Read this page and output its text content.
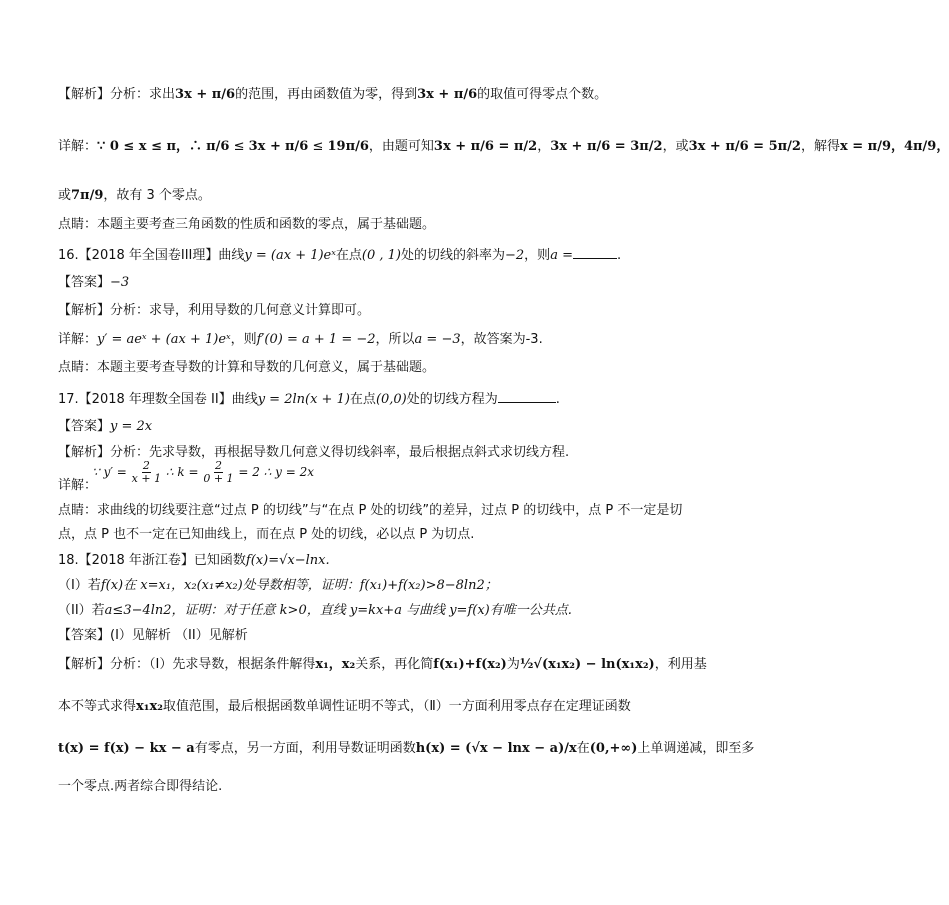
【解析】分析：求出3x + π/6的范围，再由函数值为零，得到3x + π/6的取值可得零点个数。
详解：∵ 0 ≤ x ≤ π，∴ π/6 ≤ 3x + π/6 ≤ 19π/6，由题可知3x + π/6 = π/2，3x + π/6 = 3π/2，或3x + π/6 = 5π/2，解得x = π/9，4π/9，
或7π/9，故有 3 个零点。
点睛：本题主要考查三角函数的性质和函数的零点，属于基础题。
16.【2018 年全国卷III理】曲线y = (ax + 1)eˣ在点(0 , 1)处的切线的斜率为−2，则a =	.
【答案】−3
【解析】分析：求导，利用导数的几何意义计算即可。
详解：y′ = aeˣ + (ax + 1)eˣ，则f′(0) = a + 1 = −2，所以a = −3，故答案为-3.
点睛：本题主要考查导数的计算和导数的几何意义，属于基础题。
17.【2018 年理数全国卷 II】曲线y = 2ln(x + 1)在点(0,0)处的切线方程为	.
【答案】y = 2x
【解析】分析：先求导数，再根据导数几何意义得切线斜率，最后根据点斜式求切线方程.
∵ $y' = \frac{2}{x + 1}$ ∴ $k = \frac{2}{0 + 1} = 2$ ∴ y = 2x
详解：
点睛：求曲线的切线要注意“过点 P 的切线”与“在点 P 处的切线”的差异，过点 P 的切线中，点 P 不一定是切
点，点 P 也不一定在已知曲线上，而在点 P 处的切线，必以点 P 为切点.
18.【2018 年浙江卷】已知函数f(x)=√x−lnx.
（I）若f(x)在 x=x₁，x₂(x₁≠x₂)处导数相等，证明：f(x₁)+f(x₂)>8−8ln2；
（II）若a≤3−4ln2，证明：对于任意 k>0，直线 y=kx+a 与曲线 y=f(x)有唯一公共点.
【答案】(I）见解析 （II）见解析
【解析】分析：（Ⅰ）先求导数，根据条件解得x₁，x₂关系，再化简f(x₁)+f(x₂)为½√(x₁x₂) − ln(x₁x₂)，利用基
本不等式求得x₁x₂取值范围，最后根据函数单调性证明不等式，（Ⅱ）一方面利用零点存在定理证函数
t(x) = f(x) − kx − a有零点，另一方面，利用导数证明函数h(x) = (√x − lnx − a)/x在(0,+∞)上单调递减，即至多
一个零点.两者综合即得结论.
